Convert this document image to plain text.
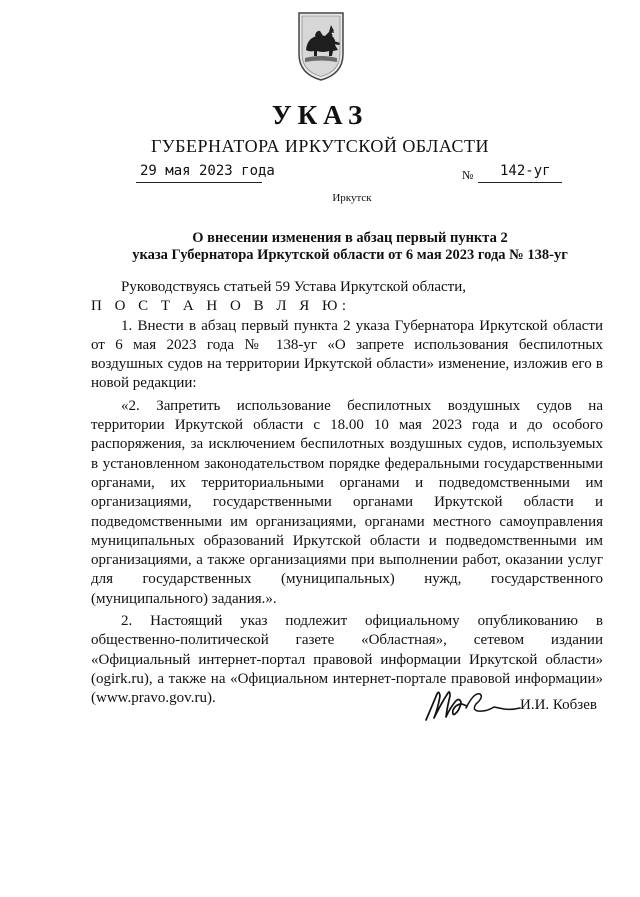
УКАЗ
ГУБЕРНАТОРА ИРКУТСКОЙ ОБЛАСТИ
29 мая 2023 года	№ 142-уг
Иркутск
О внесении изменения в абзац первый пункта 2
указа Губернатора Иркутской области от 6 мая 2023 года № 138-уг

Руководствуясь статьей 59 Устава Иркутской области,

П О С Т А Н О В Л Я Ю:

1. Внести в абзац первый пункта 2 указа Губернатора Иркутской области от 6 мая 2023 года № 138-уг «О запрете использования беспилотных воздушных судов на территории Иркутской области» изменение, изложив его в новой редакции:

«2. Запретить использование беспилотных воздушных судов на территории Иркутской области с 18.00 10 мая 2023 года и до особого распоряжения, за исключением беспилотных воздушных судов, используемых в установленном законодательством порядке федеральными государственными органами, их территориальными органами и подведомственными им организациями, государственными органами Иркутской области и подведомственными им организациями, органами местного самоуправления муниципальных образований Иркутской области и подведомственными им организациями, а также организациями при выполнении работ, оказании услуг для государственных (муниципальных) нужд, государственного (муниципального) задания.».

2. Настоящий указ подлежит официальному опубликованию в общественно-политической газете «Областная», сетевом издании «Официальный интернет-портал правовой информации Иркутской области» (ogirk.ru), а также на «Официальном интернет-портале правовой информации» (www.pravo.gov.ru).	И.И. Кобзев
